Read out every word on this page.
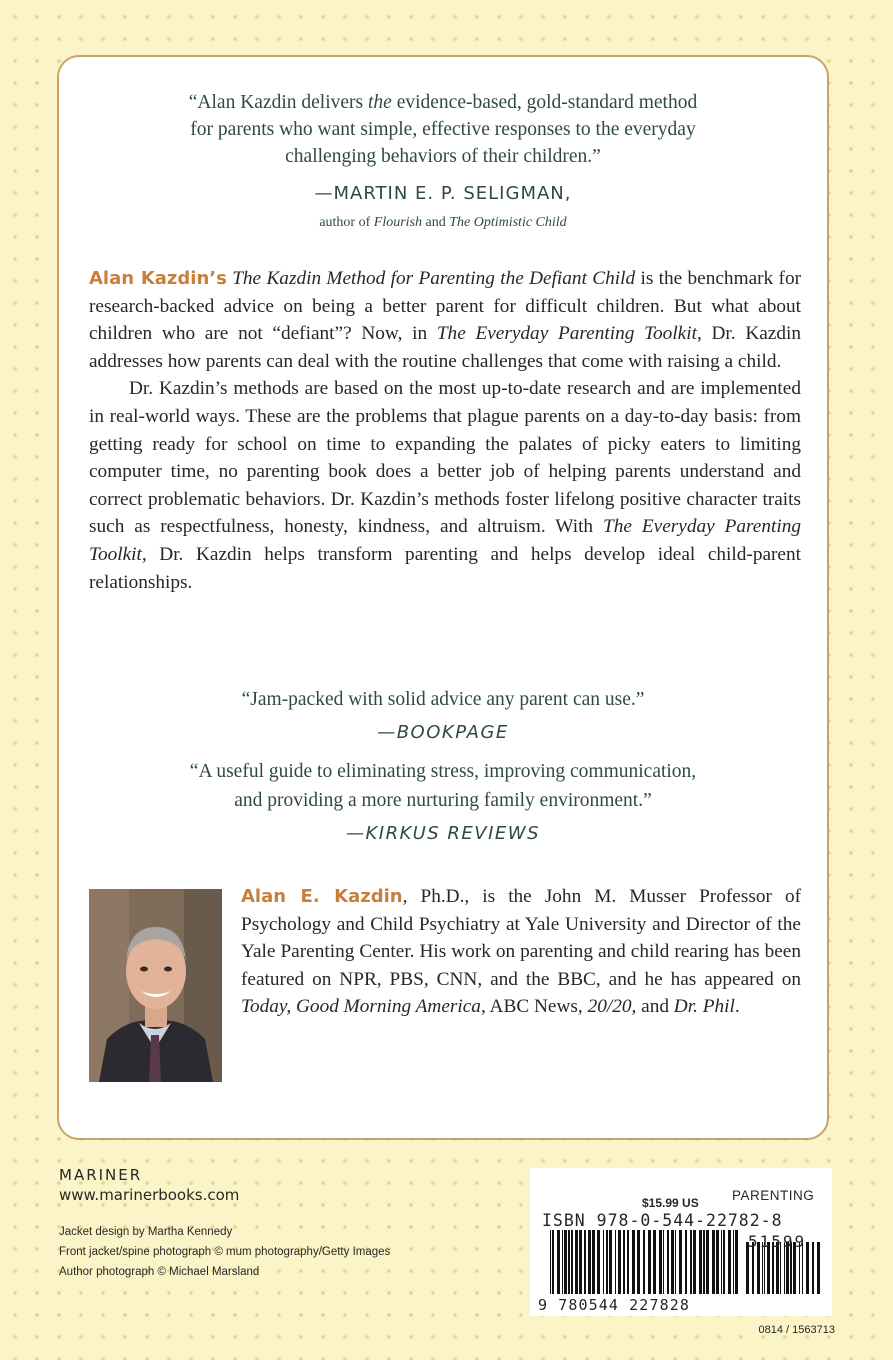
“Alan Kazdin delivers the evidence-based, gold-standard method
for parents who want simple, effective responses to the everyday
challenging behaviors of their children.”
—MARTIN E. P. SELIGMAN,
author of Flourish and The Optimistic Child

Alan Kazdin’s The Kazdin Method for Parenting the Defiant Child is the benchmark for research-backed advice on being a better parent for difficult children. But what about children who are not “defiant”? Now, in The Everyday Parenting Toolkit, Dr. Kazdin addresses how parents can deal with the routine challenges that come with raising a child.

Dr. Kazdin’s methods are based on the most up-to-date research and are implemented in real-world ways. These are the problems that plague parents on a day-to-day basis: from getting ready for school on time to expanding the palates of picky eaters to limiting computer time, no parenting book does a better job of helping parents understand and correct problematic behaviors. Dr. Kazdin’s methods foster lifelong positive character traits such as respectfulness, honesty, kindness, and altruism. With The Everyday Parenting Toolkit, Dr. Kazdin helps transform parenting and helps develop ideal child-parent relationships.

“Jam-packed with solid advice any parent can use.”
—BOOKPAGE
“A useful guide to eliminating stress, improving communication,
and providing a more nurturing family environment.”
—KIRKUS REVIEWS

Alan E. Kazdin, Ph.D., is the John M. Musser Professor of Psychology and Child Psychiatry at Yale University and Director of the Yale Parenting Center. His work on parenting and child rearing has been featured on NPR, PBS, CNN, and the BBC, and he has appeared on Today, Good Morning America, ABC News, 20/20, and Dr. Phil.

MARINER
www.marinerbooks.com
Jacket design by Martha Kennedy
Front jacket/spine photograph © mum photography/Getty Images
Author photograph © Michael Marsland
PARENTING
$15.99 US
ISBN 978-0-544-22782-8
9 780544 227828
51599
0814 / 1563713
